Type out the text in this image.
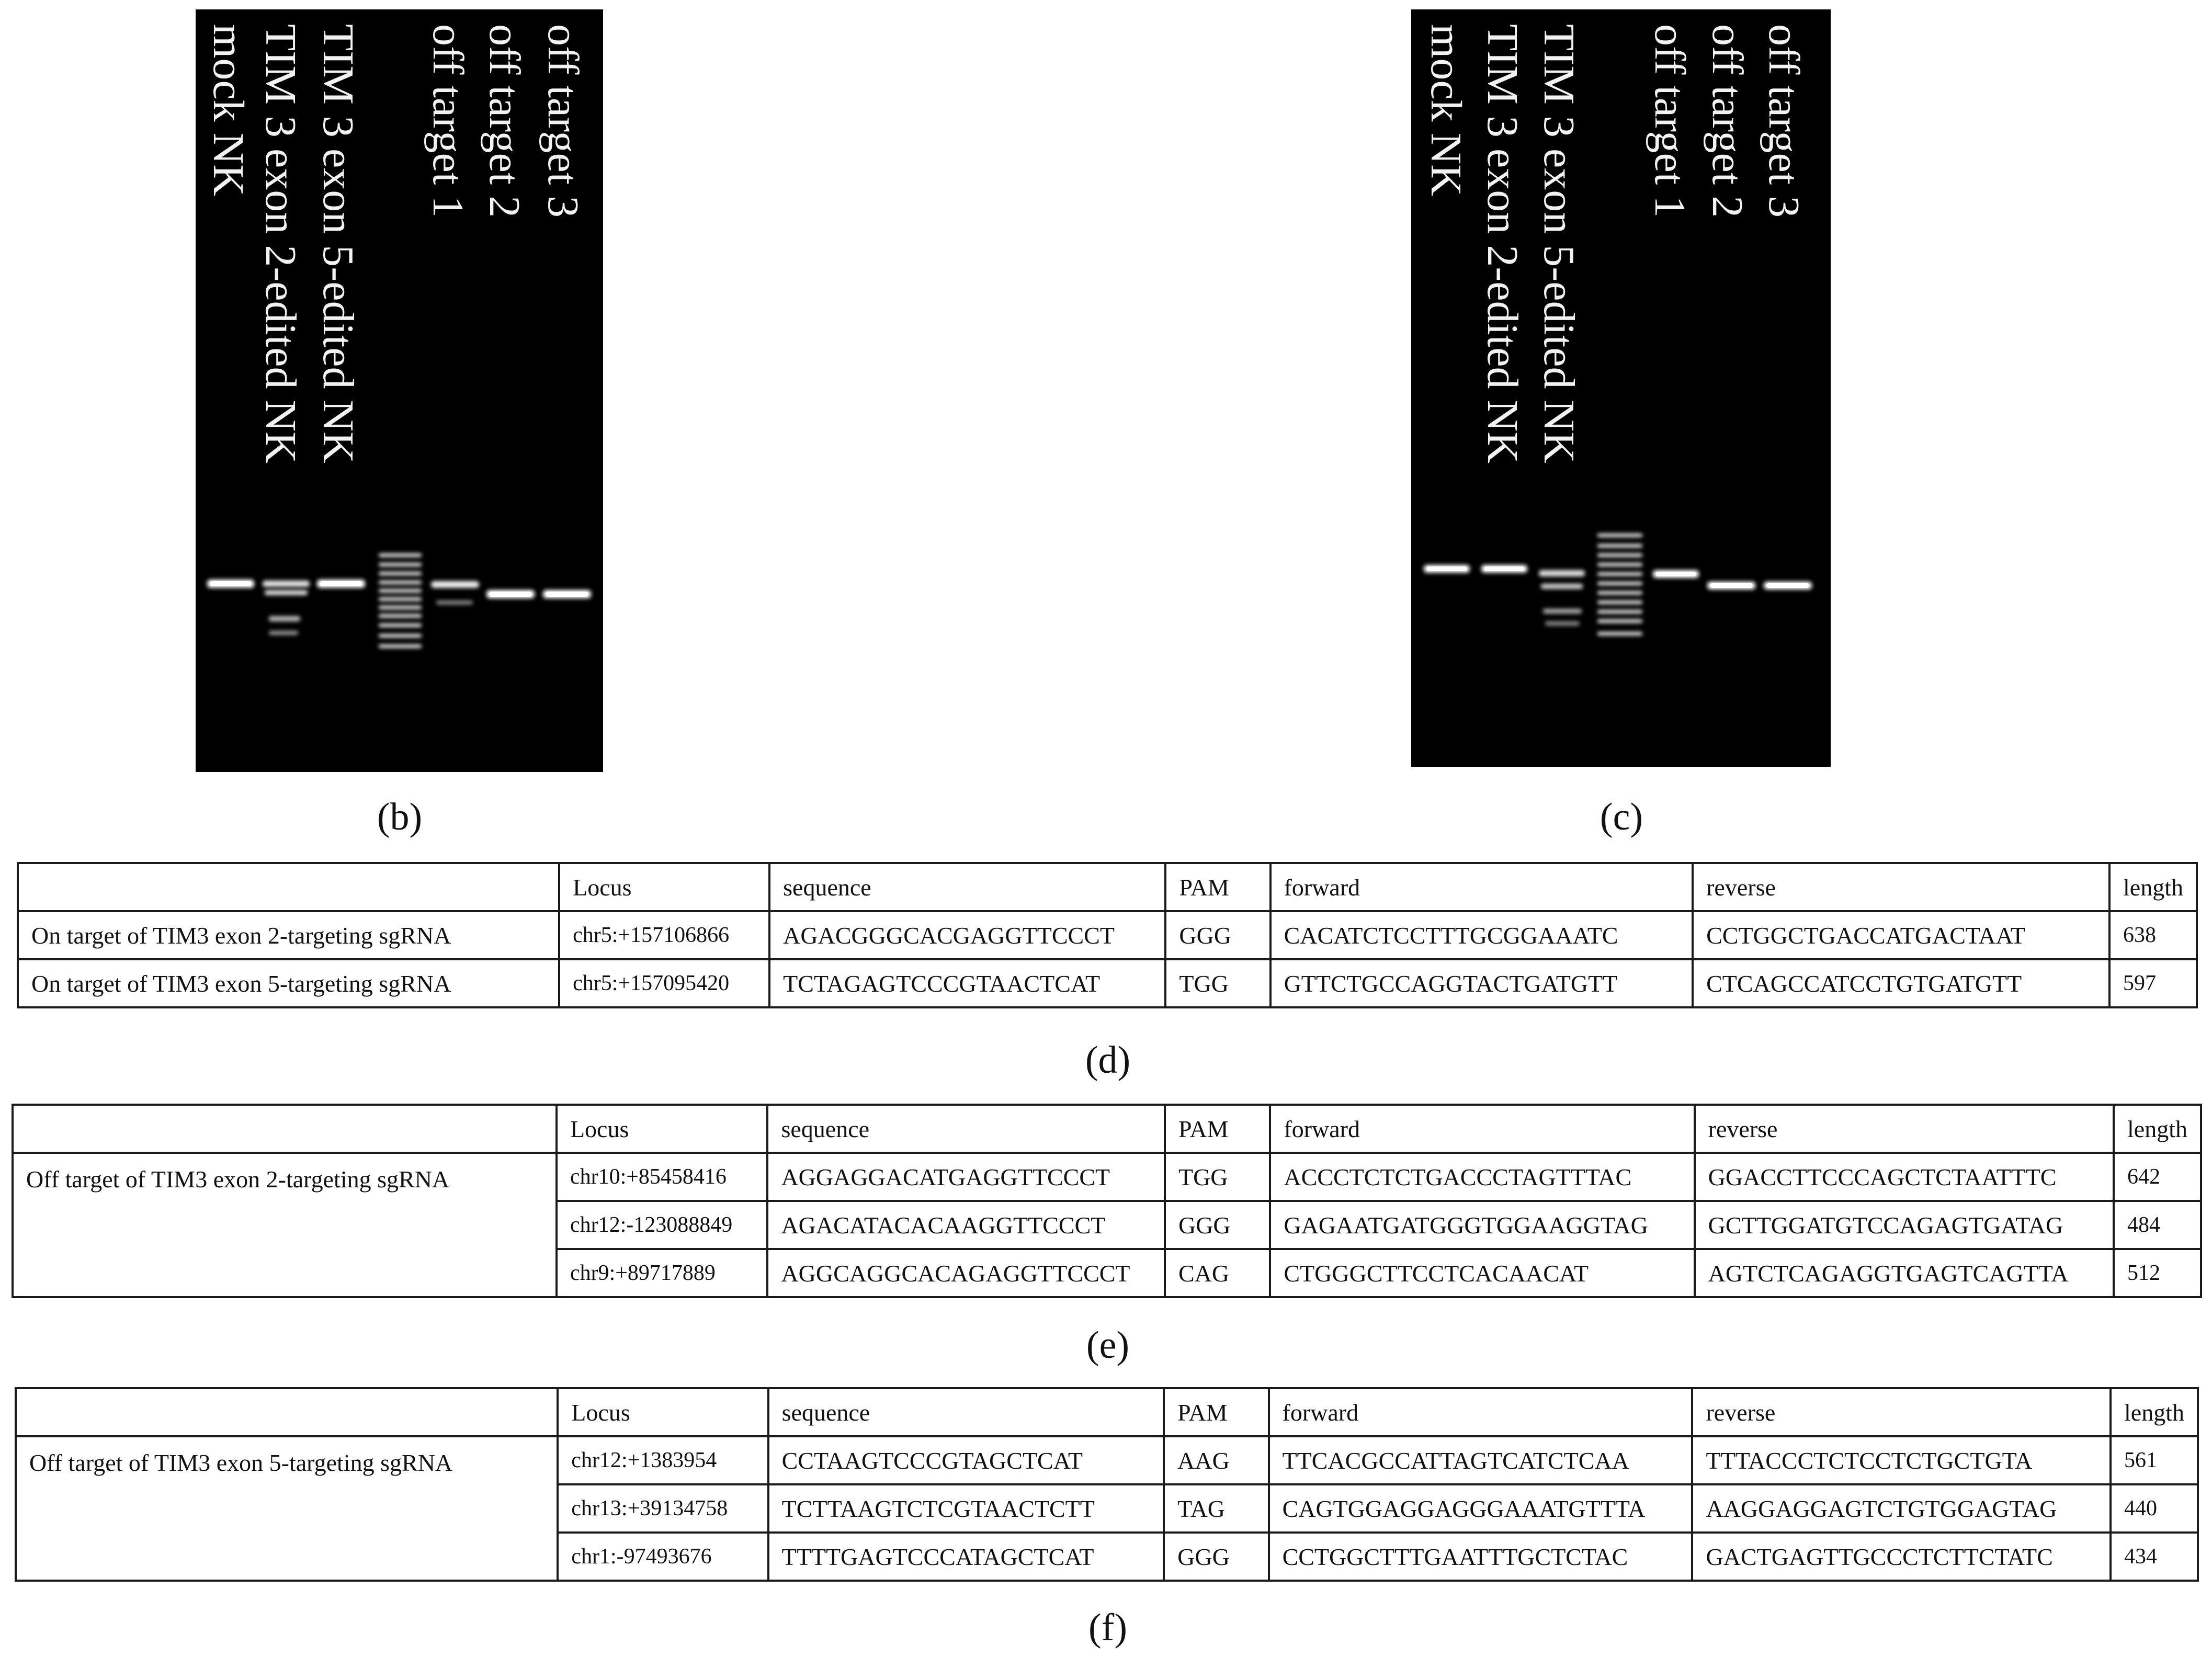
mock NK TIM 3 exon 2-edited NK TIM 3 exon 5-edited NK off target 1 off target 2 off target 3
(b)
mock NK TIM 3 exon 2-edited NK TIM 3 exon 5-edited NK off target 1 off target 2 off target 3
(c)
	Locus	sequence	PAM	forward	reverse	length
On target of TIM3 exon 2-targeting sgRNA	chr5:+157106866	AGACGGGCACGAGGTTCCCT	GGG	CACATCTCCTTTGCGGAAATC	CCTGGCTGACCATGACTAAT	638
On target of TIM3 exon 5-targeting sgRNA	chr5:+157095420	TCTAGAGTCCCGTAACTCAT	TGG	GTTCTGCCAGGTACTGATGTT	CTCAGCCATCCTGTGATGTT	597
(d)
	Locus	sequence	PAM	forward	reverse	length
Off target of TIM3 exon 2-targeting sgRNA	chr10:+85458416	AGGAGGACATGAGGTTCCCT	TGG	ACCCTCTCTGACCCTAGTTTAC	GGACCTTCCCAGCTCTAATTTC	642
	chr12:-123088849	AGACATACACAAGGTTCCCT	GGG	GAGAATGATGGGTGGAAGGTAG	GCTTGGATGTCCAGAGTGATAG	484
	chr9:+89717889	AGGCAGGCACAGAGGTTCCCT	CAG	CTGGGCTTCCTCACAACAT	AGTCTCAGAGGTGAGTCAGTTA	512
(e)
	Locus	sequence	PAM	forward	reverse	length
Off target of TIM3 exon 5-targeting sgRNA	chr12:+1383954	CCTAAGTCCCGTAGCTCAT	AAG	TTCACGCCATTAGTCATCTCAA	TTTACCCTCTCCTCTGCTGTA	561
	chr13:+39134758	TCTTAAGTCTCGTAACTCTT	TAG	CAGTGGAGGAGGGAAATGTTTA	AAGGAGGAGTCTGTGGAGTAG	440
	chr1:-97493676	TTTTGAGTCCCATAGCTCAT	GGG	CCTGGCTTTGAATTTGCTCTAC	GACTGAGTTGCCCTCTTCTATC	434
(f)
